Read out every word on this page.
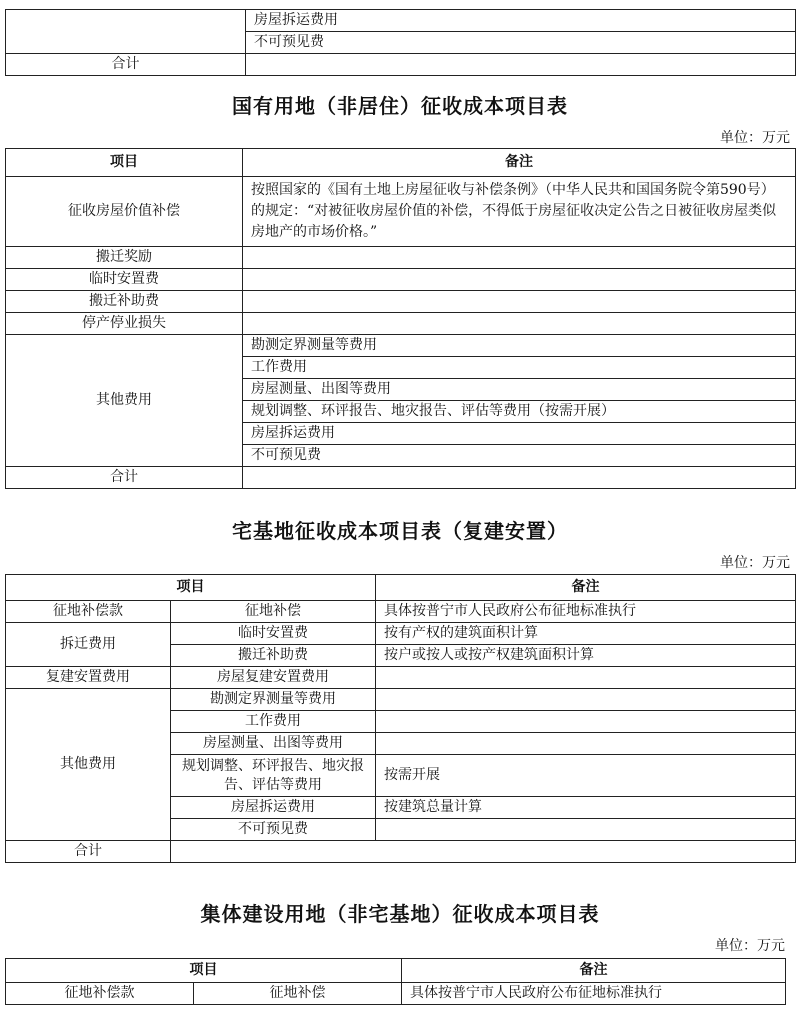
	房屋拆运费用
	不可预见费
合计	
国有用地（非居住）征收成本项目表
单位：万元
项目	备注
征收房屋价值补偿	按照国家的《国有土地上房屋征收与补偿条例》（中华人民共和国国务院令第590号）的规定：“对被征收房屋价值的补偿，不得低于房屋征收决定公告之日被征收房屋类似房地产的市场价格。”
搬迁奖励	
临时安置费	
搬迁补助费	
停产停业损失	
其他费用	勘测定界测量等费用
	工作费用
	房屋测量、出图等费用
	规划调整、环评报告、地灾报告、评估等费用（按需开展）
	房屋拆运费用
	不可预见费
合计	
宅基地征收成本项目表（复建安置）
单位：万元
项目		备注
征地补偿款	征地补偿	具体按普宁市人民政府公布征地标准执行
拆迁费用	临时安置费	按有产权的建筑面积计算
	搬迁补助费	按户或按人或按产权建筑面积计算
复建安置费用	房屋复建安置费用	
其他费用	勘测定界测量等费用	
	工作费用	
	房屋测量、出图等费用	
	规划调整、环评报告、地灾报告、评估等费用	按需开展
	房屋拆运费用	按建筑总量计算
	不可预见费	
合计		
集体建设用地（非宅基地）征收成本项目表
单位：万元
项目		备注
征地补偿款	征地补偿	具体按普宁市人民政府公布征地标准执行
